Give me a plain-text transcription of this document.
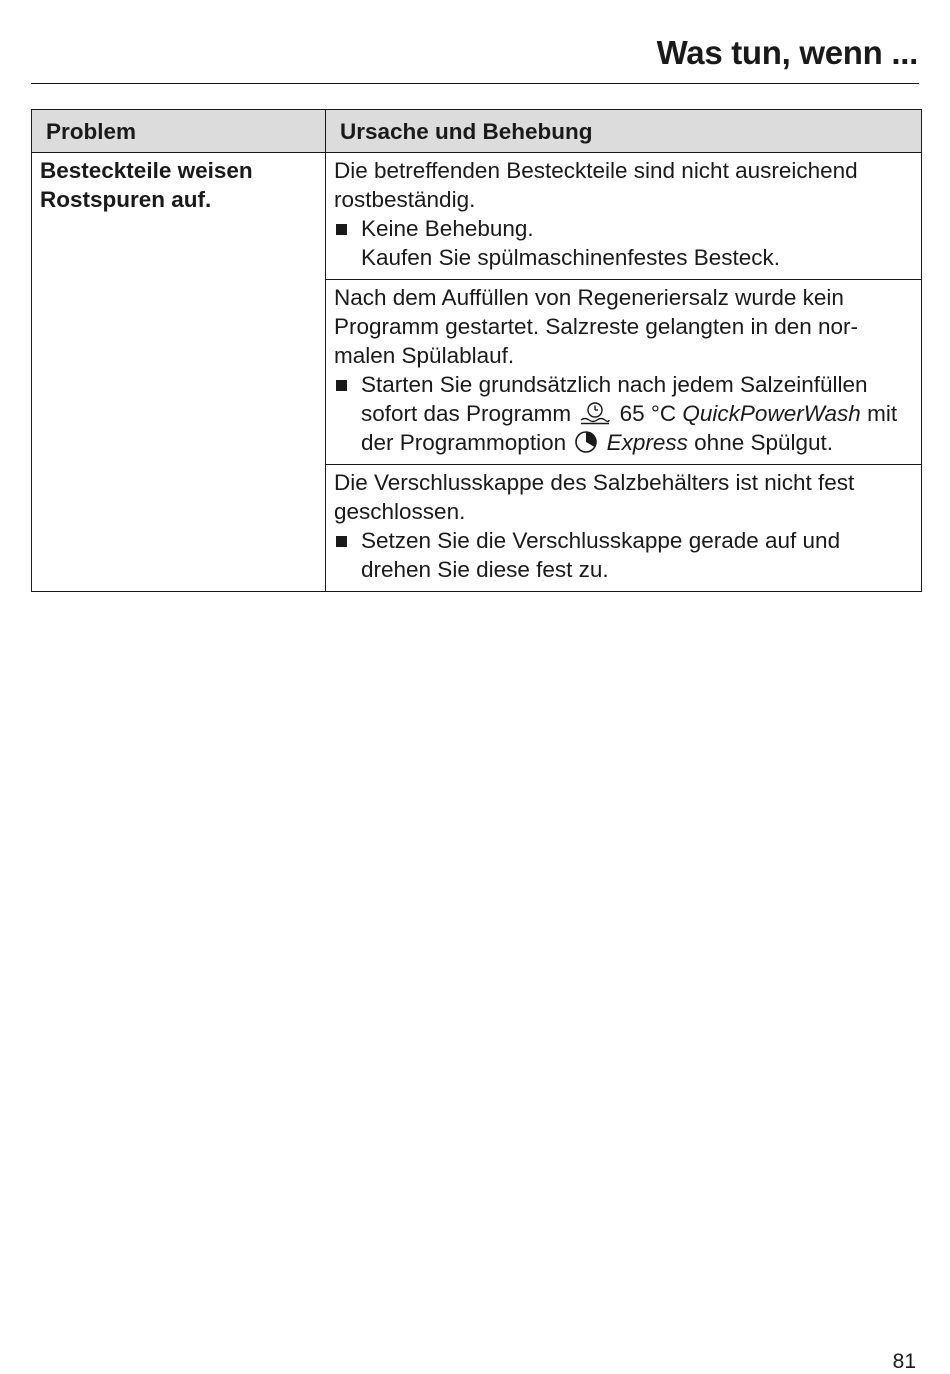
Was tun, wenn ...
Problem	Ursache und Behebung
Besteckteile weisen Rostspuren auf.	Die betreffenden Besteckteile sind nicht ausreichend rostbeständig.
Keine Behebung.
Kaufen Sie spülmaschinenfestes Besteck.

	Nach dem Auffüllen von Regeneriersalz wurde kein Programm gestartet. Salzreste gelangten in den nor-malen Spülablauf.
Starten Sie grundsätzlich nach jedem Salzeinfüllen sofort das Programm 65 °C QuickPowerWash mit der Programmoption Express ohne Spülgut.

	Die Verschlusskappe des Salzbehälters ist nicht fest geschlossen.
Setzen Sie die Verschlusskappe gerade auf und drehen Sie diese fest zu.
81
